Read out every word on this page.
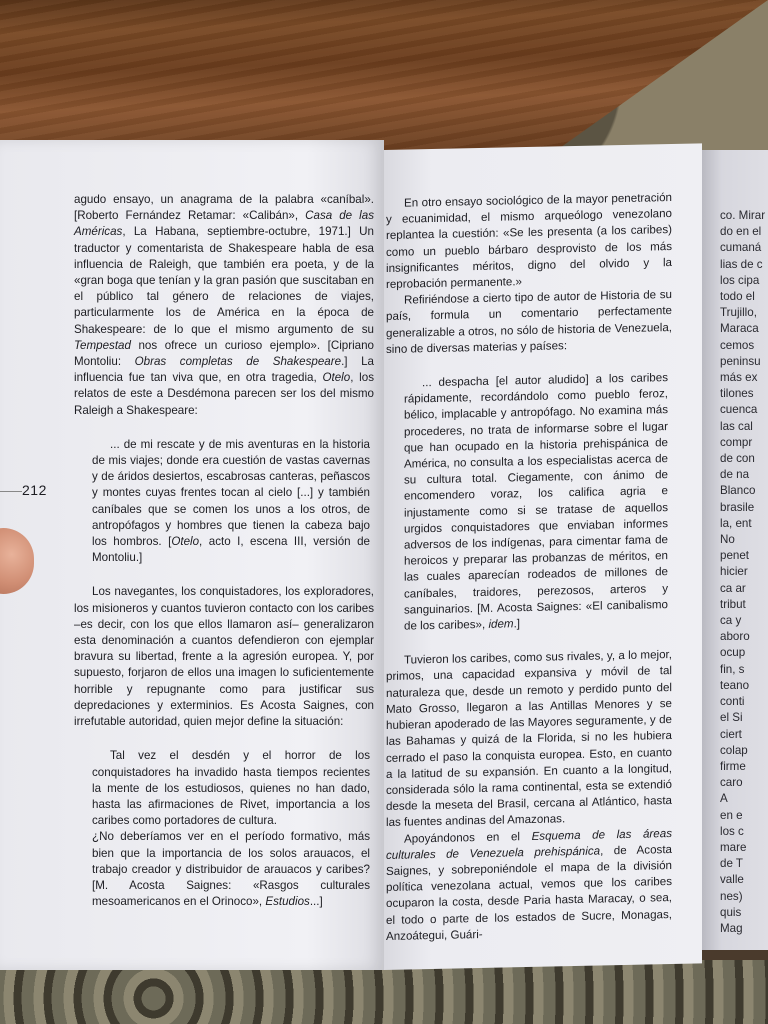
agudo ensayo, un anagrama de la palabra «caníbal». [Roberto Fernández Retamar: «Calibán», Casa de las Américas, La Habana, septiembre-octubre, 1971.] Un traductor y comentarista de Shakespeare habla de esa influencia de Raleigh, que también era poeta, y de la «gran boga que tenían y la gran pasión que suscitaban en el público tal género de relaciones de viajes, particularmente los de América en la época de Shakespeare: de lo que el mismo argumento de su Tempestad nos ofrece un curioso ejemplo». [Cipriano Montoliu: Obras completas de Shakespeare.] La influencia fue tan viva que, en otra tragedia, Otelo, los relatos de este a Desdémona parecen ser los del mismo Raleigh a Shakespeare:

... de mi rescate y de mis aventuras en la historia de mis viajes; donde era cuestión de vastas cavernas y de áridos desiertos, escabrosas canteras, peñascos y montes cuyas frentes tocan al cielo [...] y también caníbales que se comen los unos a los otros, de antropófagos y hombres que tienen la cabeza bajo los hombros. [Otelo, acto I, escena III, versión de Montoliu.]

Los navegantes, los conquistadores, los exploradores, los misioneros y cuantos tuvieron contacto con los caribes –es decir, con los que ellos llamaron así– generalizaron esta denominación a cuantos defendieron con ejemplar bravura su libertad, frente a la agresión europea. Y, por supuesto, forjaron de ellos una imagen lo suficientemente horrible y repugnante como para justificar sus depredaciones y exterminios. Es Acosta Saignes, con irrefutable autoridad, quien mejor define la situación:

Tal vez el desdén y el horror de los conquistadores ha invadido hasta tiempos recientes la mente de los estudiosos, quienes no han dado, hasta las afirmaciones de Rivet, importancia a los caribes como portadores de cultura.

¿No deberíamos ver en el período formativo, más bien que la importancia de los solos arauacos, el trabajo creador y distribuidor de arauacos y caribes? [M. Acosta Saignes: «Rasgos culturales mesoamericanos en el Orinoco», Estudios...]

212

En otro ensayo sociológico de la mayor penetración y ecuanimidad, el mismo arqueólogo venezolano replantea la cuestión: «Se les presenta (a los caribes) como un pueblo bárbaro desprovisto de los más insignificantes méritos, digno del olvido y la reprobación permanente.»

Refiriéndose a cierto tipo de autor de Historia de su país, formula un comentario perfectamente generalizable a otros, no sólo de historia de Venezuela, sino de diversas materias y países:

... despacha [el autor aludido] a los caribes rápidamente, recordándolo como pueblo feroz, bélico, implacable y antropófago. No examina más procederes, no trata de informarse sobre el lugar que han ocupado en la historia prehispánica de América, no consulta a los especialistas acerca de su cultura total. Ciegamente, con ánimo de encomendero voraz, los califica agria e injustamente como si se tratase de aquellos urgidos conquistadores que enviaban informes adversos de los indígenas, para cimentar fama de heroicos y preparar las probanzas de méritos, en las cuales aparecían rodeados de millones de caníbales, traidores, perezosos, arteros y sanguinarios. [M. Acosta Saignes: «El canibalismo de los caribes», idem.]

Tuvieron los caribes, como sus rivales, y, a lo mejor, primos, una capacidad expansiva y móvil de tal naturaleza que, desde un remoto y perdido punto del Mato Grosso, llegaron a las Antillas Menores y se hubieran apoderado de las Mayores seguramente, y de las Bahamas y quizá de la Florida, si no les hubiera cerrado el paso la conquista europea. Esto, en cuanto a la latitud de su expansión. En cuanto a la longitud, considerada sólo la rama continental, esta se extendió desde la meseta del Brasil, cercana al Atlántico, hasta las fuentes andinas del Amazonas.

Apoyándonos en el Esquema de las áreas culturales de Venezuela prehispánica, de Acosta Saignes, y sobreponiéndole el mapa de la división política venezolana actual, vemos que los caribes ocuparon la costa, desde Paria hasta Maracay, o sea, el todo o parte de los estados de Sucre, Monagas, Anzoátegui, Guári-

co. Mirar
do en el
cumaná
lias de c
los cipa
todo el
Trujillo,
Maraca
cemos
peninsu
más ex
tilones
cuenca
las cal
compr
de con
de na
Blanco
brasile
la, ent
No
penet
hicier
ca ar
tribut
ca y
aboro
ocup
fin, s
teano
conti
el Si
ciert
colap
firme
caro
A
en e
los c
mare
de T
valle
nes)
quis
Mag
